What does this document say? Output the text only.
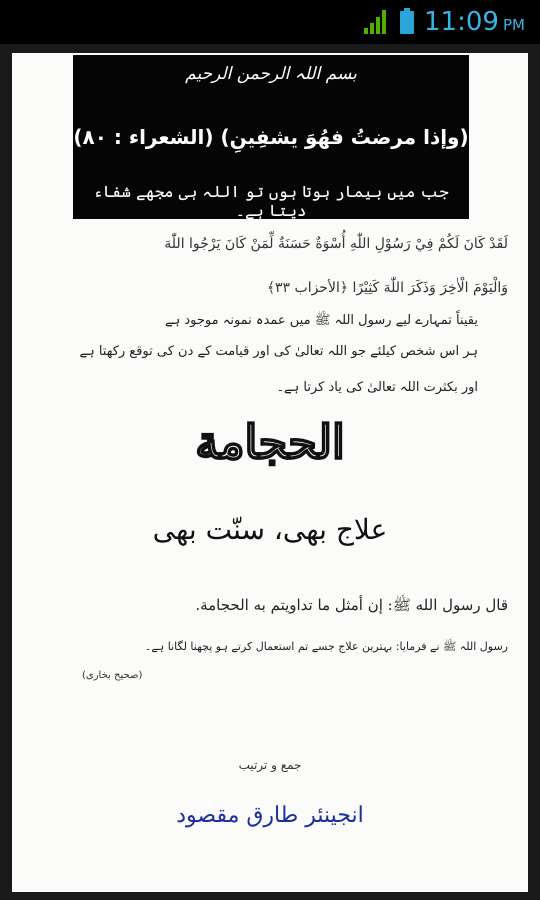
11:09 PM
بسم اللہ الرحمن الرحیم
(وإذا مرضتُ فهُوَ يشفِينِ) (الشعراء : ٨٠)
جب میں بیمار ہوتا ہوں تو اللہ ہی مجھے شفاء دیتا ہے۔
لَقَدْ كَانَ لَكُمْ فِيْ رَسُوْلِ اللّٰهِ أُسْوَةٌ حَسَنَةٌ لِّمَنْ كَانَ يَرْجُوا اللّٰهَ
وَالْيَوْمَ الْاٰخِرَ وَذَكَرَ اللّٰهَ كَثِيْرًا ﴿الأحزاب ٣٣﴾
یقیناً تمہارے لیے رسول اللہ ﷺ میں عمدہ نمونہ موجود ہے
ہر اس شخص کیلئے جو اللہ تعالیٰ کی اور قیامت کے دن کی توقع رکھتا ہے
اور بکثرت اللہ تعالیٰ کی یاد کرتا ہے۔
الحجامة
علاج بھی، سنّت بھی
قال رسول الله ﷺ: إن أمثل ما تداويتم به الحجامة.
رسول اللہ ﷺ نے فرمایا: بہترین علاج جسے تم استعمال کرتے ہو پچھنا لگانا ہے۔
(صحیح بخاری)
جمع و ترتیب
انجینئر طارق مقصود
